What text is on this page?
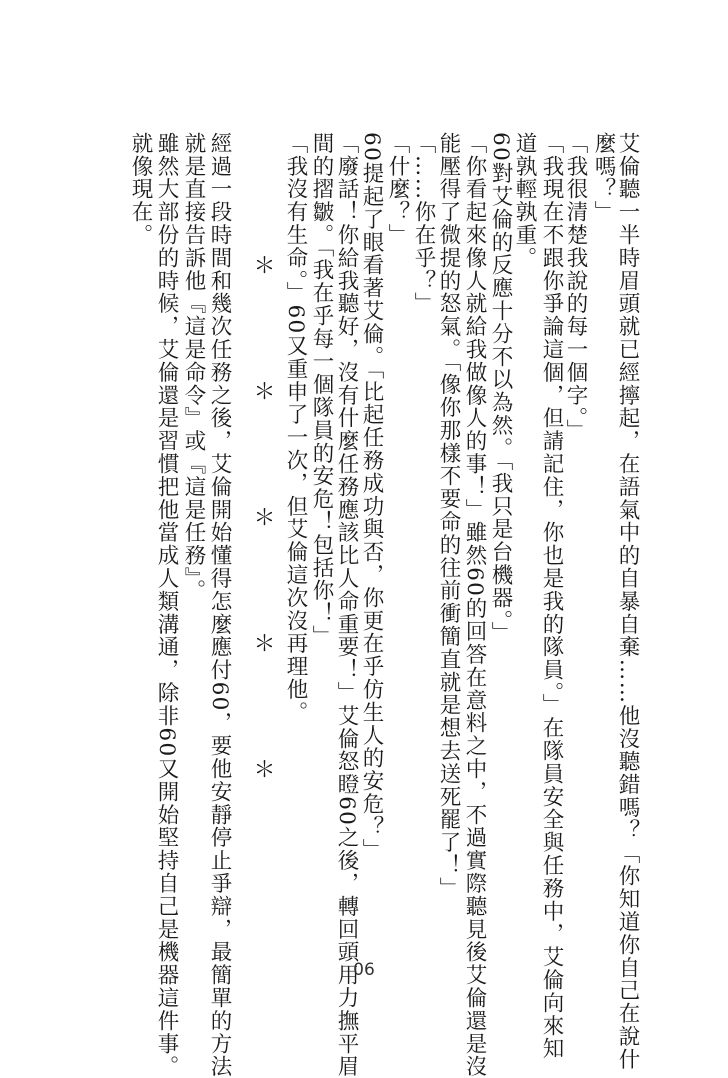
艾倫聽一半時眉頭就已經擰起，在語氣中的自暴自棄……他沒聽錯嗎？「你知道你自己在說什
麼嗎？」
「我很清楚我說的每一個字。」
「我現在不跟你爭論這個，但請記住，你也是我的隊員。」在隊員安全與任務中，艾倫向來知
道孰輕孰重。
60對艾倫的反應十分不以為然。「我只是台機器。」
「你看起來像人就給我做像人的事！」雖然60的回答在意料之中，不過實際聽見後艾倫還是沒
能壓得了微提的怒氣。「像你那樣不要命的往前衝簡直就是想去送死罷了！」
「……你在乎？」
「什麼？」
60提起了眼看著艾倫。「比起任務成功與否，你更在乎仿生人的安危？」
「廢話！你給我聽好，沒有什麼任務應該比人命重要！」艾倫怒瞪60之後，轉回頭用力撫平眉
間的摺皺。「我在乎每一個隊員的安危！包括你！」
「我沒有生命。」60又重申了一次，但艾倫這次沒再理他。
＊＊＊＊＊
經過一段時間和幾次任務之後，艾倫開始懂得怎麼應付60，要他安靜停止爭辯，最簡單的方法
就是直接告訴他『這是命令』或『這是任務』。
雖然大部份的時候，艾倫還是習慣把他當成人類溝通，除非60又開始堅持自己是機器這件事。
就像現在。
06
